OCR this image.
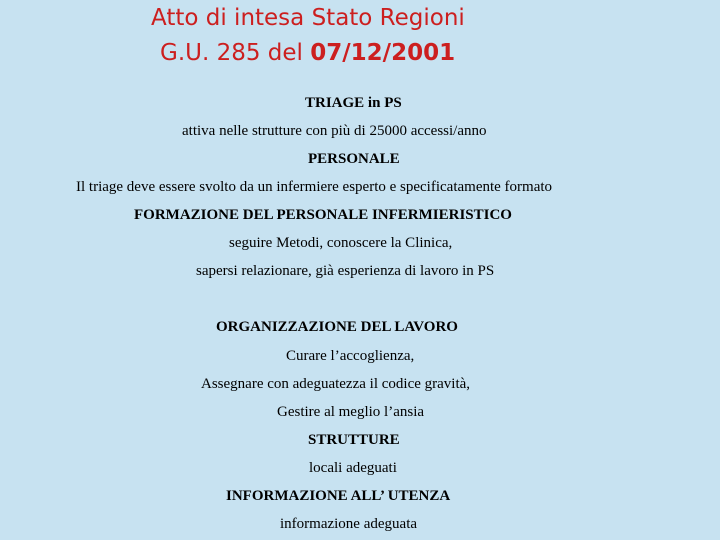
Atto di intesa Stato Regioni
G.U. 285 del 07/12/2001

TRIAGE in PS

attiva nelle strutture con più di 25000 accessi/anno

PERSONALE

Il triage deve essere svolto da un infermiere esperto e specificatamente formato

FORMAZIONE DEL PERSONALE INFERMIERISTICO

seguire Metodi, conoscere la Clinica,

sapersi relazionare, già esperienza di lavoro in PS

ORGANIZZAZIONE DEL LAVORO

Curare l’accoglienza,

Assegnare con adeguatezza il codice gravità,

Gestire al meglio l’ansia

STRUTTURE

locali adeguati

INFORMAZIONE ALL’ UTENZA

informazione adeguata
